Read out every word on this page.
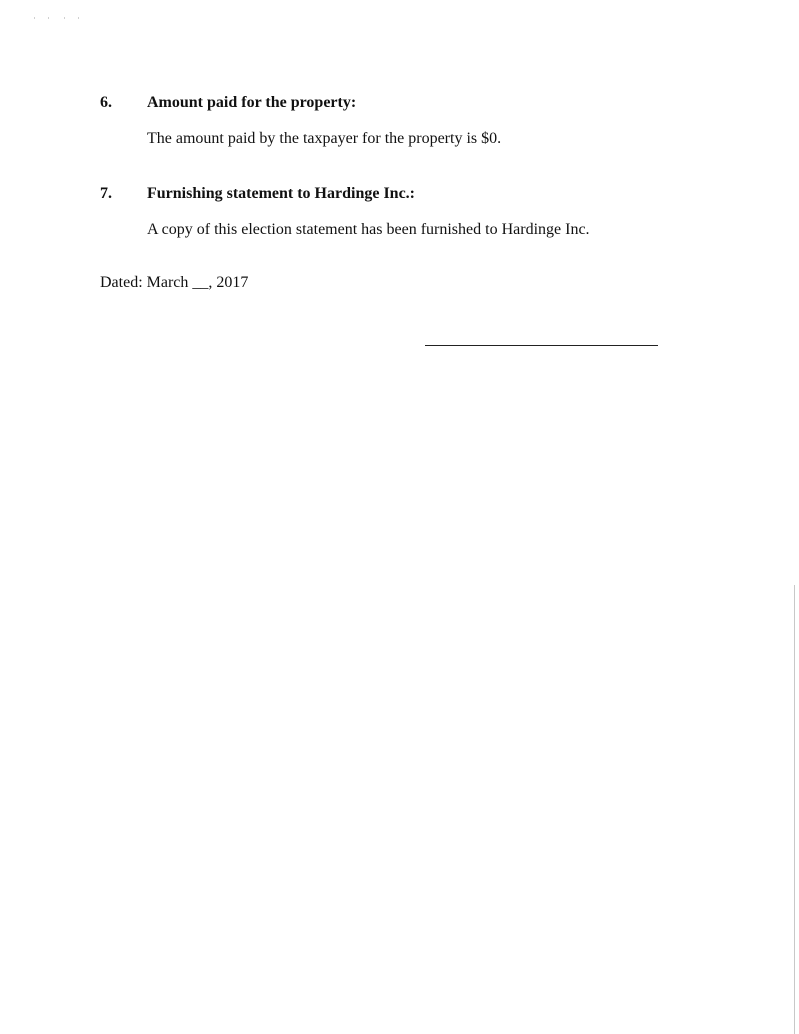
6.	Amount paid for the property:
The amount paid by the taxpayer for the property is $0.
7.	Furnishing statement to Hardinge Inc.:
A copy of this election statement has been furnished to Hardinge Inc.
Dated: March __, 2017
